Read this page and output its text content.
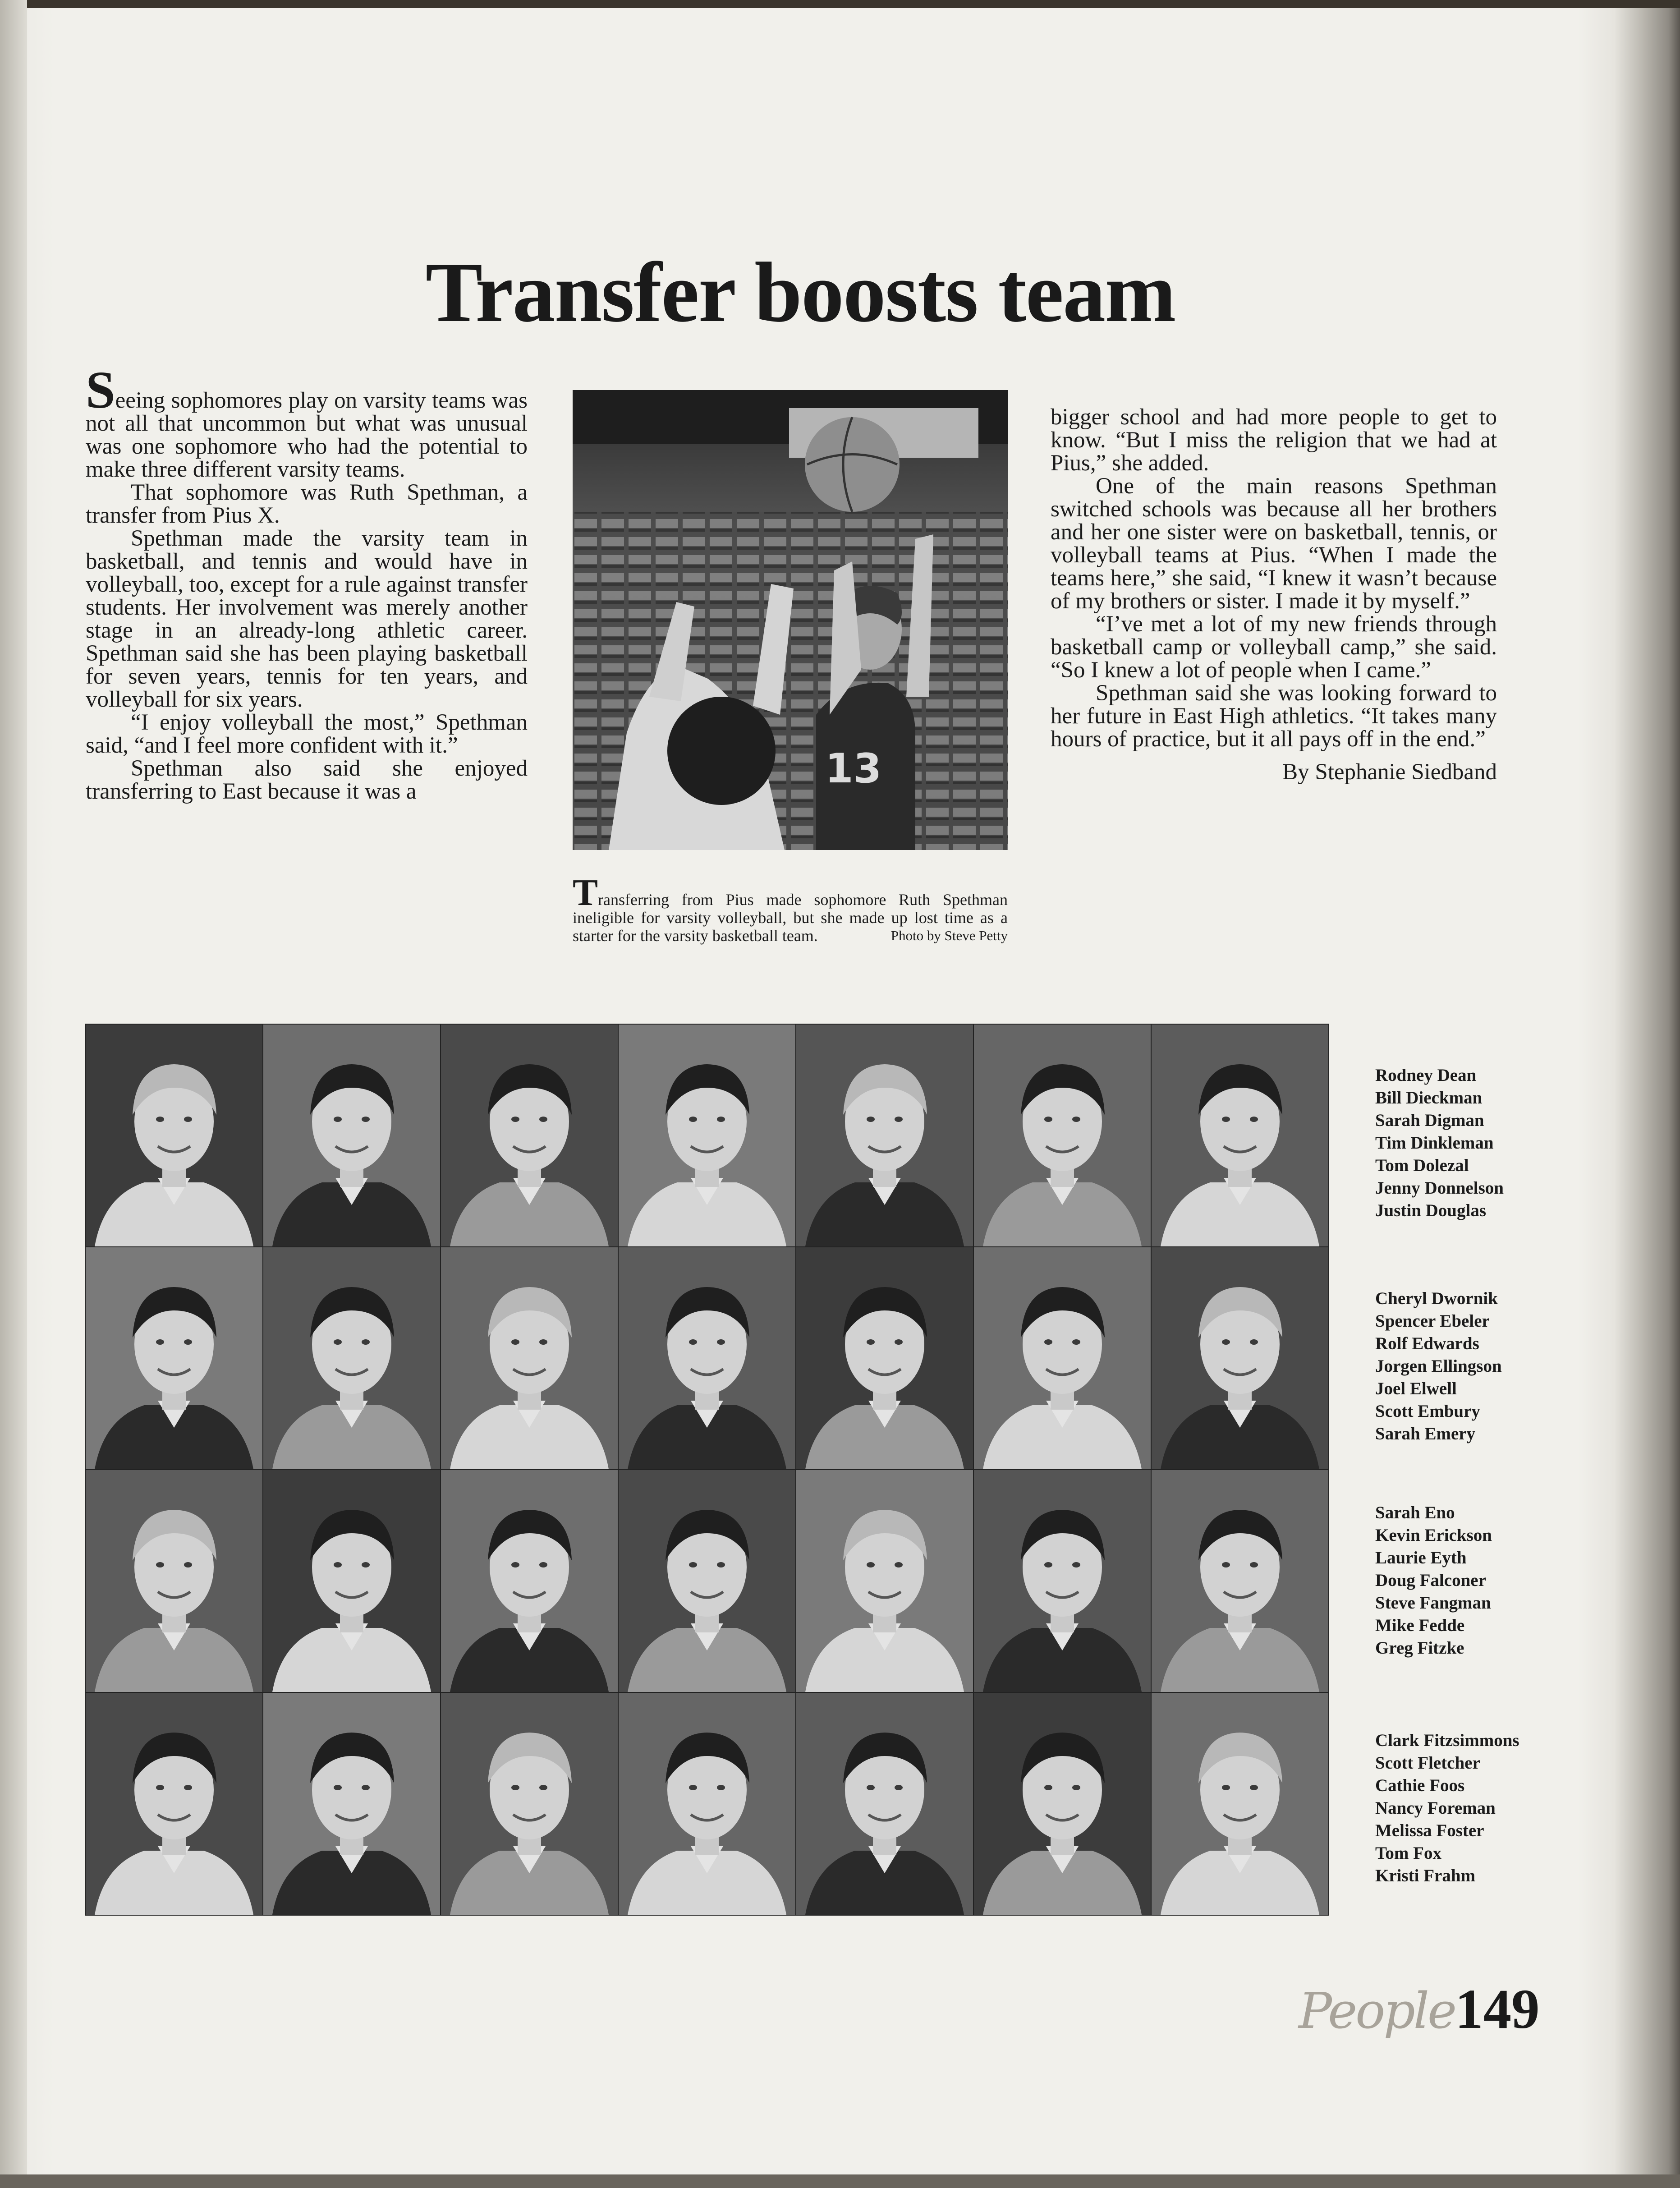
Transfer boosts team

Seeing sophomores play on varsity teams was not all that uncommon but what was unusual was one sophomore who had the potential to make three different varsity teams.

That sophomore was Ruth Spethman, a transfer from Pius X.

Spethman made the varsity team in basketball, and tennis and would have in volleyball, too, except for a rule against transfer students. Her involvement was merely another stage in an already-long athletic career. Spethman said she has been playing basketball for seven years, tennis for ten years, and volleyball for six years.

“I enjoy volleyball the most,” Spethman said, “and I feel more confident with it.”

Spethman also said she enjoyed transferring to East because it was a	13
Transferring from Pius made sophomore Ruth Spethman ineligible for varsity volleyball, but she made up lost time as a starter for the varsity basketball team.	Photo by Steve Petty

bigger school and had more people to get to know. “But I miss the religion that we had at Pius,” she added.

One of the main reasons Spethman switched schools was because all her brothers and her one sister were on basketball, tennis, or volleyball teams at Pius. “When I made the teams here,” she said, “I knew it wasn’t because of my brothers or sister. I made it by myself.”

“I’ve met a lot of my new friends through basketball camp or volleyball camp,” she said. “So I knew a lot of people when I came.”

Spethman said she was looking forward to her future in East High athletics. “It takes many hours of practice, but it all pays off in the end.”

By Stephanie Siedband

Rodney Dean
Bill Dieckman
Sarah Digman
Tim Dinkleman
Tom Dolezal
Jenny Donnelson
Justin Douglas
Cheryl Dwornik
Spencer Ebeler
Rolf Edwards
Jorgen Ellingson
Joel Elwell
Scott Embury
Sarah Emery
Sarah Eno
Kevin Erickson
Laurie Eyth
Doug Falconer
Steve Fangman
Mike Fedde
Greg Fitzke
Clark Fitzsimmons
Scott Fletcher
Cathie Foos
Nancy Foreman
Melissa Foster
Tom Fox
Kristi Frahm
People149
